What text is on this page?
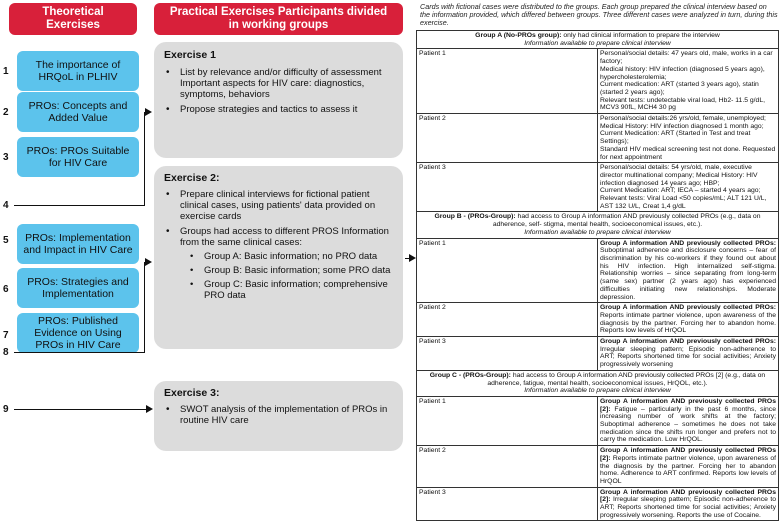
Theoretical Exercises
Practical Exercises Participants divided in working groups
1
The importance of HRQoL in PLHIV
2
PROs: Concepts and Added Value
3
PROs: PROs Suitable for HIV Care
4
5	PROs: Implementation and Impact in HIV Care
6
PROs: Strategies and Implementation
7
PROs: Published Evidence on Using PROs in HIV Care
8
9
Exercise 1
• List by relevance and/or difficulty of assessment Important aspects for HIV care: diagnostics, symptoms, behaviors
• Propose strategies and tactics to assess it
Exercise 2:
• Prepare clinical interviews for fictional patient clinical cases, using patients' data provided on exercise cards
• Groups had access to different PROS Information from the same clinical cases:
• Group A: Basic information; no PRO data
• Group B: Basic information; some PRO data
• Group C: Basic information; comprehensive PRO data
Exercise 3:
• SWOT analysis of the implementation of PROs in routine HIV care
Cards with fictional cases were distributed to the groups. Each group prepared the clinical interview based on the information provided, which differed between groups. Three different cases were analyzed in turn, during this exercise.
Group A (No-PROs group): only had clinical information to prepare the interview
Information available to prepare clinical interview	
Patient 1	Personal/social details: 47 years old, male, works in a car factory;
Medical history: HIV infection (diagnosed 5 years ago), hypercholesterolemia;
Current medication: ART (started 3 years ago), statin (started 2 years ago);
Relevant tests: undetectable viral load, Hb2- 11.5 g/dL, MCV3 90fL, MCH4 30 pg

Patient 2	Personal/social details:26 yrs/old, female, unemployed;
Medical History: HIV infection diagnosed 1 month ago;
Current Medication: ART (Started in Test and treat Settings);
Standard HIV medical screening test not done. Requested for next appointment

Patient 3	Personal/social details: 54 yrs/old, male, executive director multinational company; Medical History: HIV infection diagnosed 14 years ago; HBP;
Current Medication: ART; IECA – started 4 years ago;
Relevant tests: Viral Load <50 copies/mL; ALT 121 U/L, AST 132 U/L, Creat 1,4 g/dL

Group B - (PROs-Group): had access to Group A information AND previously collected PROs (e.g., data on adherence, self- stigma, mental health, socioeconomical issues, etc.).
Information available to prepare clinical interview	
Patient 1	Group A information AND previously collected PROs: Suboptimal adherence and disclosure concerns – fear of discrimination by his co-workers if they found out about his HIV infection. High internalized self-stigma. Relationship worries – since separating from long-term (same sex) partner (2 years ago) has experienced difficulties initiating new relationships. Moderate depression.
Patient 2	Group A information AND previously collected PROs: Reports intimate partner violence, upon awareness of the diagnosis by the partner. Forcing her to abandon home. Reports low levels of HrQOL
Patient 3	Group A information AND previously collected PROs: Irregular sleeping pattern; Episodic non-adherence to ART; Reports shortened time for social activities; Anxiety progressively worsening
Group C - (PROs-Group): had access to Group A information AND previously collected PROs [2] (e.g., data on adherence, fatigue, mental health, socioeconomical issues, HrQOL, etc.).
Information available to prepare clinical interview	
Patient 1	Group A information AND previously collected PROs [2]: Fatigue – particularly in the past 6 months, since increasing number of work shifts at the factory; Suboptimal adherence – sometimes he does not take medication since the shifts run longer and prefers not to carry the medication. Low HrQOL.
Patient 2	Group A information AND previously collected PROs [2]: Reports intimate partner violence, upon awareness of the diagnosis by the partner. Forcing her to abandon home. Adherence to ART confirmed. Reports low levels of HrQOL
Patient 3	Group A information AND previously collected PROs [2]: Irregular sleeping pattern; Episodic non-adherence to ART; Reports shortened time for social activities; Anxiety progressively worsening. Reports the use of Cocaine.
